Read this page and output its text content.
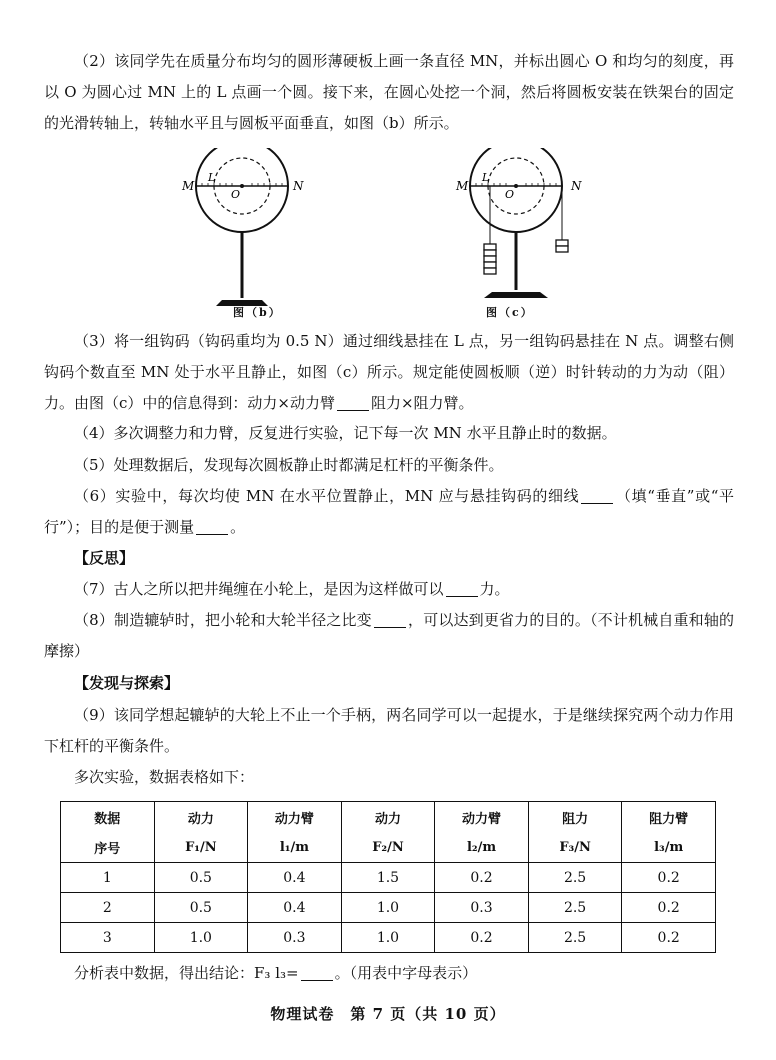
（2）该同学先在质量分布均匀的圆形薄硬板上画一条直径 MN，并标出圆心 O 和均匀的刻度，再以 O 为圆心过 MN 上的 L 点画一个圆。接下来，在圆心处挖一个洞，然后将圆板安装在铁架台的固定的光滑转轴上，转轴水平且与圆板平面垂直，如图（b）所示。

M	N
L
O
M	N
L
O
图（b）	图（c）

（3）将一组钩码（钩码重均为 0.5 N）通过细线悬挂在 L 点，另一组钩码悬挂在 N 点。调整右侧钩码个数直至 MN 处于水平且静止，如图（c）所示。规定能使圆板顺（逆）时针转动的力为动（阻）力。由图（c）中的信息得到：动力×动力臂 阻力×阻力臂。

（4）多次调整力和力臂，反复进行实验，记下每一次 MN 水平且静止时的数据。

（5）处理数据后，发现每次圆板静止时都满足杠杆的平衡条件。

（6）实验中，每次均使 MN 在水平位置静止，MN 应与悬挂钩码的细线 （填“垂直”或“平行”）；目的是便于测量 。

【反思】

（7）古人之所以把井绳缠在小轮上，是因为这样做可以 力。

（8）制造辘轳时，把小轮和大轮半径之比变 ，可以达到更省力的目的。（不计机械自重和轴的摩擦）

【发现与探索】

（9）该同学想起辘轳的大轮上不止一个手柄，两名同学可以一起提水，于是继续探究两个动力作用下杠杆的平衡条件。

多次实验，数据表格如下：

数据	动力	动力臂	动力	动力臂	阻力	阻力臂
序号	F₁/N	l₁/m	F₂/N	l₂/m	F₃/N	l₃/m
1	0.5	0.4	1.5	0.2	2.5	0.2
2	0.5	0.4	1.0	0.3	2.5	0.2
3	1.0	0.3	1.0	0.2	2.5	0.2

分析表中数据，得出结论：F₃ l₃= 。（用表中字母表示）

物理试卷　第 7 页（共 10 页）
